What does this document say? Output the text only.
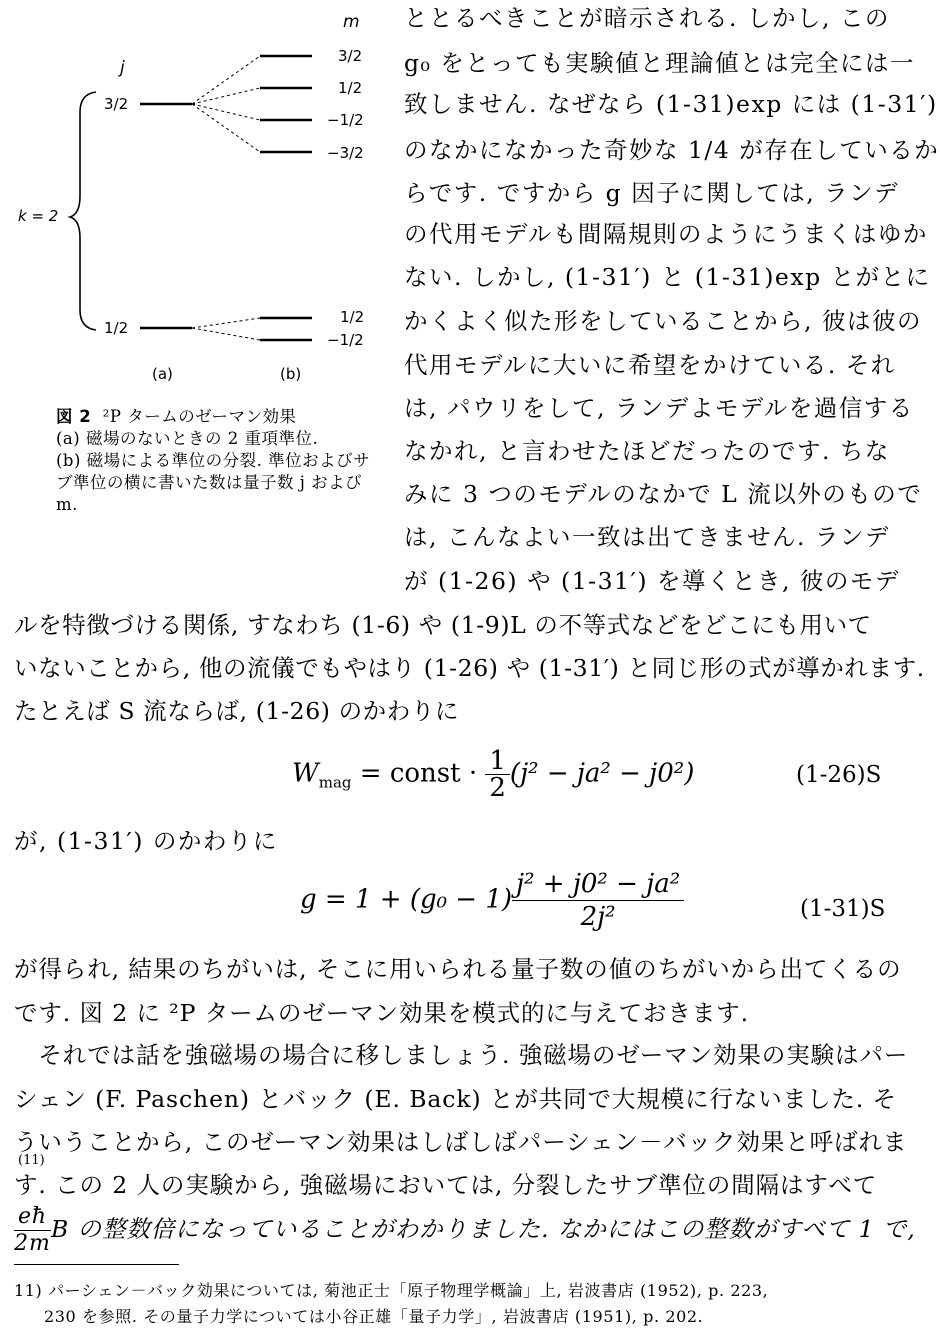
m
j
k = 2
3/2
1/2
3/2
1/2
−1/2
−3/2
1/2
−1/2
(a)	(b)
図 2 ²P タームのゼーマン効果
(a) 磁場のないときの 2 重項準位.
(b) 磁場による準位の分裂. 準位およびサブ準位の横に書いた数は量子数 j および m.
ととるべきことが暗示される. しかし, この
g₀ をとっても実験値と理論値とは完全には一
致しません. なぜなら (1-31)exp には (1-31′)
のなかになかった奇妙な 1/4 が存在しているか
らです. ですから g 因子に関しては, ランデ
の代用モデルも間隔規則のようにうまくはゆか
ない. しかし, (1-31′) と (1-31)exp とがとに
かくよく似た形をしていることから, 彼は彼の
代用モデルに大いに希望をかけている. それ
は, パウリをして, ランデよモデルを過信する
なかれ, と言わせたほどだったのです. ちな
みに 3 つのモデルのなかで L 流以外のもので
は, こんなよい一致は出てきません. ランデ
が (1-26) や (1-31′) を導くとき, 彼のモデ
ルを特徴づける関係, すなわち (1-6) や (1-9)L の不等式などをどこにも用いて
いないことから, 他の流儀でもやはり (1-26) や (1-31′) と同じ形の式が導かれます.
たとえば S 流ならば, (1-26) のかわりに
$W_{mag}$ = const · $\frac{1}{2} (j^2 - ja^2 - j0^2)$	(1-26)S
が, (1-31′) のかわりに
$g = 1 + (g_0 - 1) \frac{\text{j² + j0² − ja²}}{\text{2j²}}$	(1-31)S
が得られ, 結果のちがいは, そこに用いられる量子数の値のちがいから出てくるの
です. 図 2 に ²P タームのゼーマン効果を模式的に与えておきます.
　それでは話を強磁場の場合に移しましょう. 強磁場のゼーマン効果の実験はパー
シェン (F. Paschen) とバック (E. Back) とが共同で大規模に行ないました. そ
ういうことから, このゼーマン効果はしばしばパーシェン－バック効果と呼ばれま
(11)
す. この 2 人の実験から, 強磁場においては, 分裂したサブ準位の間隔はすべて
$\frac{eħ}{2m}$ B の整数倍になっていることがわかりました. なかにはこの整数がすべて 1 で,
11) パーシェン－バック効果については, 菊池正士「原子物理学概論」上, 岩波書店 (1952), p. 223,
230 を参照. その量子力学については小谷正雄「量子力学」, 岩波書店 (1951), p. 202.
